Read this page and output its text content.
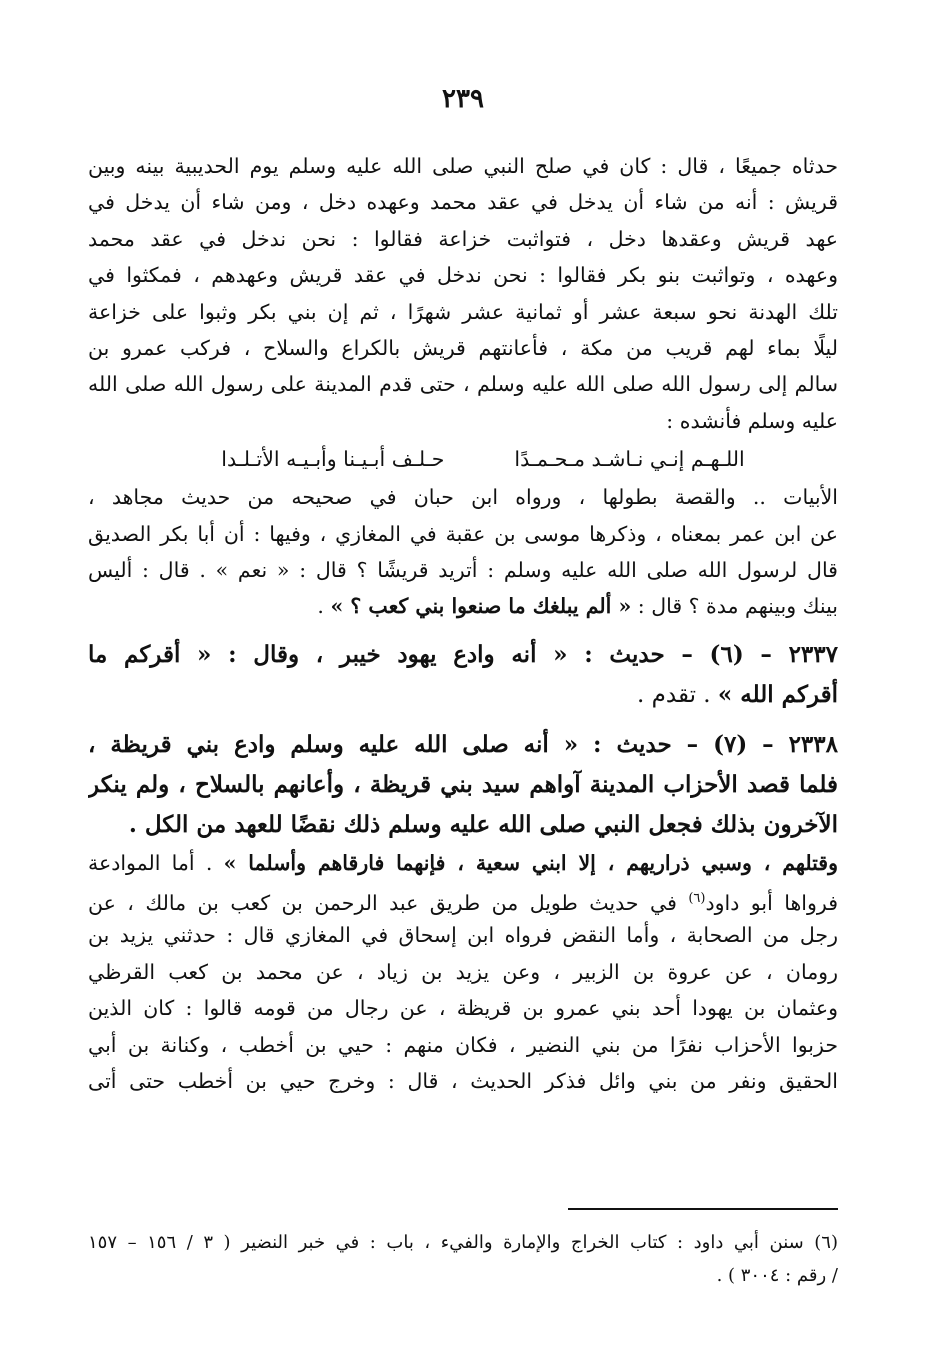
٢٣٩
حدثاه جميعًا ، قال : كان في صلح النبي صلى الله عليه وسلم يوم الحديبية بينه وبين
قريش : أنه من شاء أن يدخل في عقد محمد وعهده دخل ، ومن شاء أن يدخل في
عهد قريش وعقدها دخل ، فتواثبت خزاعة فقالوا : نحن ندخل في عقد محمد
وعهده ، وتواثبت بنو بكر فقالوا : نحن ندخل في عقد قريش وعهدهم ، فمكثوا في
تلك الهدنة نحو سبعة عشر أو ثمانية عشر شهرًا ، ثم إن بني بكر وثبوا على خزاعة
ليلًا بماء لهم قريب من مكة ، فأعانتهم قريش بالكراع والسلاح ، فركب عمرو بن
سالم إلى رسول الله صلى الله عليه وسلم ، حتى قدم المدينة على رسول الله صلى الله
عليه وسلم فأنشده :
اللـهـم إنـي نـاشـد مـحـمـدًا
حـلـف أبـيـنا وأبـيـه الأتـلـدا
الأبيات .. والقصة بطولها ، ورواه ابن حبان في صحيحه من حديث مجاهد ،
عن ابن عمر بمعناه ، وذكرها موسى بن عقبة في المغازي ، وفيها : أن أبا بكر الصديق
قال لرسول الله صلى الله عليه وسلم : أتريد قريشًا ؟ قال : « نعم » . قال : أليس
بينك وبينهم مدة ؟ قال : « ألم يبلغك ما صنعوا بني كعب ؟ » .
٢٣٣٧ – (٦) – حديث : « أنه وادع يهود خيبر ، وقال : « أقركم ما
أقركم الله » . تقدم .
٢٣٣٨ – (٧) – حديث : « أنه صلى الله عليه وسلم وادع بني قريظة ،
فلما قصد الأحزاب المدينة آواهم سيد بني قريظة ، وأعانهم بالسلاح ، ولم ينكر
الآخرون بذلك فجعل النبي صلى الله عليه وسلم ذلك نقضًا للعهد من الكل .
وقتلهم ، وسبي ذراريهم ، إلا ابني سعية ، فإنهما فارقاهم وأسلما » . أما الموادعة
فرواها أبو داود$^{(٦)}$ في حديث طويل من طريق عبد الرحمن بن كعب بن مالك ، عن
رجل من الصحابة ، وأما النقض فرواه ابن إسحاق في المغازي قال : حدثني يزيد بن
رومان ، عن عروة بن الزبير ، وعن يزيد بن زياد ، عن محمد بن كعب القرظي
وعثمان بن يهودا أحد بني عمرو بن قريظة ، عن رجال من قومه قالوا : كان الذين
حزبوا الأحزاب نفرًا من بني النضير ، فكان منهم : حيي بن أخطب ، وكنانة بن أبي
الحقيق ونفر من بني وائل فذكر الحديث ، قال : وخرج حيي بن أخطب حتى أتى
(٦) سنن أبي داود : كتاب الخراج والإمارة والفيء ، باب : في خبر النضير ( ٣ / ١٥٦ – ١٥٧
/ رقم : ٣٠٠٤ ) .
